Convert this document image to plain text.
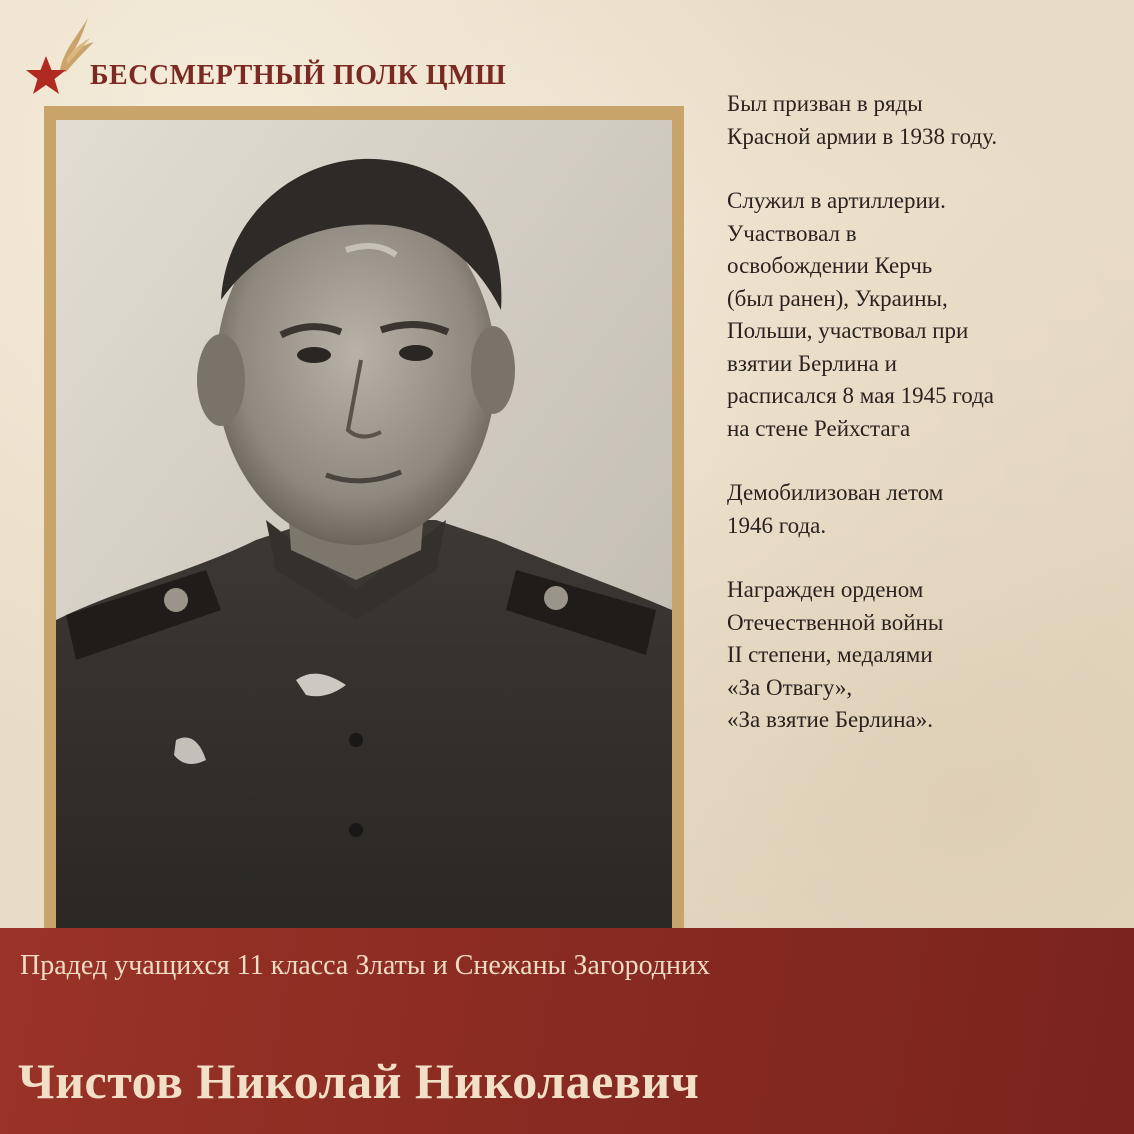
БЕССМЕРТНЫЙ ПОЛК ЦМШ

Был призван в ряды
Красной армии в 1938 году.

Служил в артиллерии.
Участвовал в
освобождении Керчь
(был ранен), Украины,
Польши, участвовал при
взятии Берлина и
расписался 8 мая 1945 года
на стене Рейхстага

Демобилизован летом
1946 года.

Награжден орденом
Отечественной войны
II степени, медалями
«За Отвагу»,
«За взятие Берлина».

Прадед учащихся 11 класса Златы и Снежаны Загородних
Чистов Николай Николаевич
